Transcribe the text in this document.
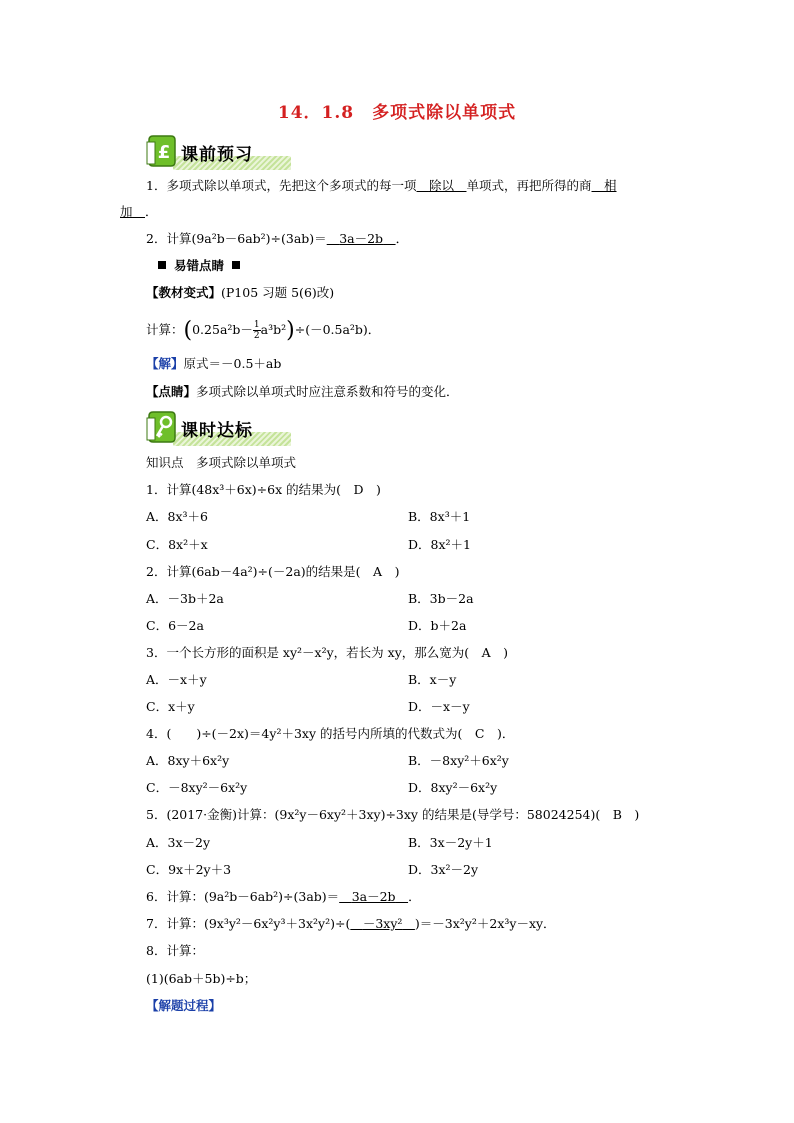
14．1.8　多项式除以单项式
£ 课前预习
1．多项式除以单项式，先把这个多项式的每一项  除以  单项式，再把所得的商  相
加  ．
2．计算(9a²b－6ab²)÷(3ab)＝   3a－2b   ．
易错点睛
【教材变式】(P105 习题 5(6)改)
计算：$(0.25a^2b- \frac{1}{2} a^3b^2)\div(-0.5a^2b)$．
【解】原式＝－0.5＋ab
【点睛】多项式除以单项式时应注意系数和符号的变化．
课时达标
知识点　多项式除以单项式
1．计算(48x³＋6x)÷6x 的结果为(　D　)
A．8x³＋6	B．8x³＋1
C．8x²＋x	D．8x²＋1
2．计算(6ab－4a²)÷(－2a)的结果是(　A　)
A．－3b＋2a	B．3b－2a
C．6－2a	D．b＋2a
3．一个长方形的面积是 xy²－x²y，若长为 xy，那么宽为(　A　)
A．－x＋y	B．x－y
C．x＋y	D．－x－y
4．(　　)÷(－2x)＝4y²＋3xy 的括号内所填的代数式为(　C　)．
A．8xy＋6x²y	B．－8xy²＋6x²y
C．－8xy²－6x²y	D．8xy²－6x²y
5．(2017·金衡)计算：(9x²y－6xy²＋3xy)÷3xy 的结果是(导学号：58024254)(　B　)
A．3x－2y	B．3x－2y＋1
C．9x＋2y＋3	D．3x²－2y
6．计算：(9a²b－6ab²)÷(3ab)＝   3a－2b   ．
7．计算：(9x³y²－6x²y³＋3x²y²)÷(   －3xy²   )＝－3x²y²＋2x³y－xy．
8．计算：
(1)(6ab＋5b)÷b；
【解题过程】
